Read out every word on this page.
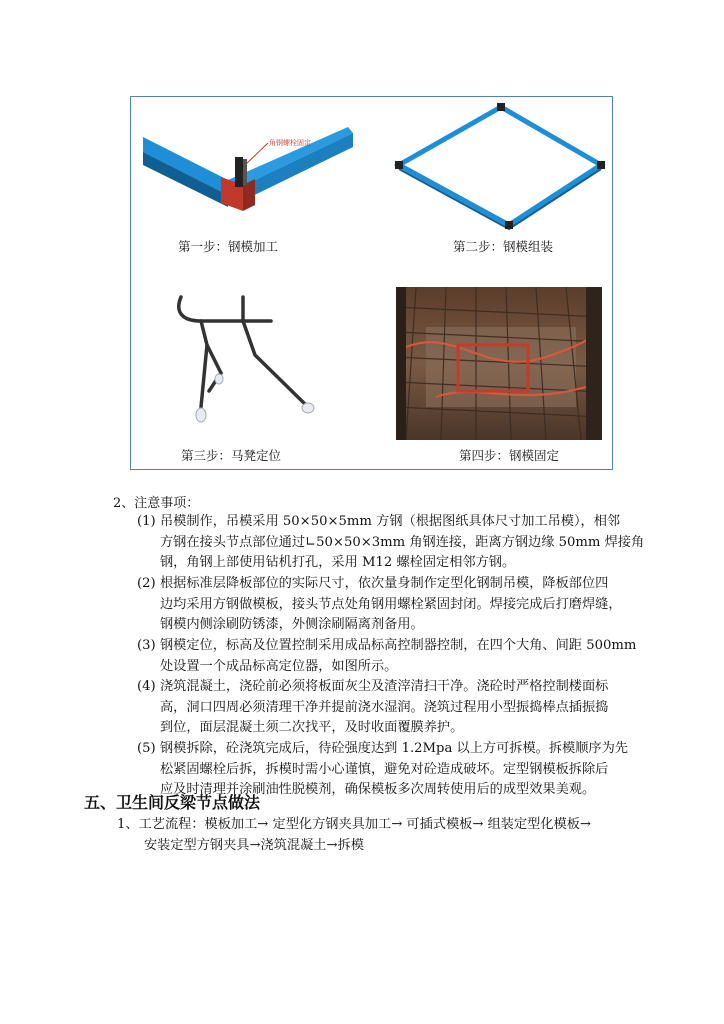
角钢螺栓固定
第一步：钢模加工	第二步：钢模组装
第三步：马凳定位	第四步：钢模固定
2、注意事项：
(1) 吊模制作，吊模采用 50×50×5mm 方钢（根据图纸具体尺寸加工吊模），相邻
方钢在接头节点部位通过∟50×50×3mm 角钢连接，距离方钢边缘 50mm 焊接角
钢，角钢上部使用钻机打孔，采用 M12 螺栓固定相邻方钢。
(2) 根据标准层降板部位的实际尺寸，依次量身制作定型化钢制吊模，降板部位四
边均采用方钢做模板，接头节点处角钢用螺栓紧固封闭。焊接完成后打磨焊缝，
钢模内侧涂刷防锈漆，外侧涂刷隔离剂备用。
(3) 钢模定位，标高及位置控制采用成品标高控制器控制，在四个大角、间距 500mm
处设置一个成品标高定位器，如图所示。
(4) 浇筑混凝土，浇砼前必须将板面灰尘及渣滓清扫干净。浇砼时严格控制楼面标
高，洞口四周必须清理干净并提前浇水湿润。浇筑过程用小型振捣棒点插振捣
到位，面层混凝土须二次找平，及时收面覆膜养护。
(5) 钢模拆除，砼浇筑完成后，待砼强度达到 1.2Mpa 以上方可拆模。拆模顺序为先
松紧固螺栓后拆，拆模时需小心谨慎，避免对砼造成破坏。定型钢模板拆除后
应及时清理并涂刷油性脱模剂，确保模板多次周转使用后的成型效果美观。
五、卫生间反梁节点做法
1、工艺流程：模板加工→ 定型化方钢夹具加工→ 可插式模板→ 组装定型化模板→
安装定型方钢夹具→浇筑混凝土→拆模
